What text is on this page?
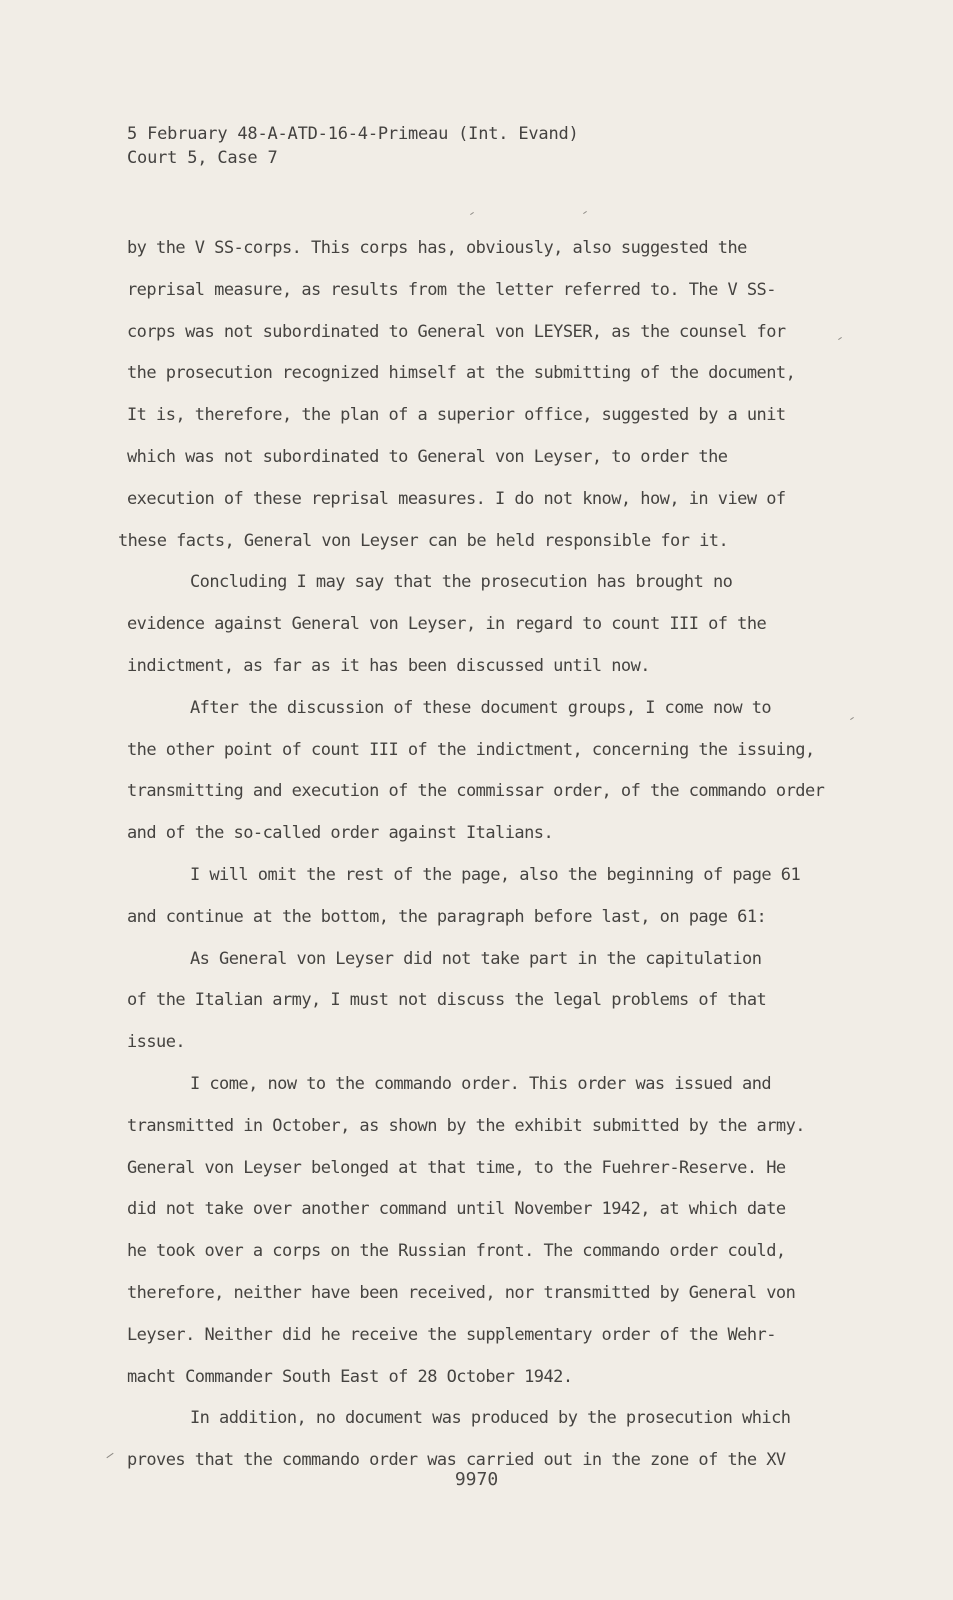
5 February 48-A-ATD-16-4-Primeau (Int. Evand)
Court 5, Case 7
by the V SS-corps. This corps has, obviously, also suggested the
reprisal measure, as results from the letter referred to. The V SS-
corps was not subordinated to General von LEYSER, as the counsel for
the prosecution recognized himself at the submitting of the document,
It is, therefore, the plan of a superior office, suggested by a unit
which was not subordinated to General von Leyser, to order the
execution of these reprisal measures. I do not know, how, in view of
these facts, General von Leyser can be held responsible for it.
Concluding I may say that the prosecution has brought no
evidence against General von Leyser, in regard to count III of the
indictment, as far as it has been discussed until now.
After the discussion of these document groups, I come now to
the other point of count III of the indictment, concerning the issuing,
transmitting and execution of the commissar order, of the commando order
and of the so-called order against Italians.
I will omit the rest of the page, also the beginning of page 61
and continue at the bottom, the paragraph before last, on page 61:
As General von Leyser did not take part in the capitulation
of the Italian army, I must not discuss the legal problems of that
issue.
I come, now to the commando order. This order was issued and
transmitted in October, as shown by the exhibit submitted by the army.
General von Leyser belonged at that time, to the Fuehrer-Reserve. He
did not take over another command until November 1942, at which date
he took over a corps on the Russian front. The commando order could,
therefore, neither have been received, nor transmitted by General von
Leyser. Neither did he receive the supplementary order of the Wehr-
macht Commander South East of 28 October 1942.
In addition, no document was produced by the prosecution which
proves that the commando order was carried out in the zone of the XV
9970
